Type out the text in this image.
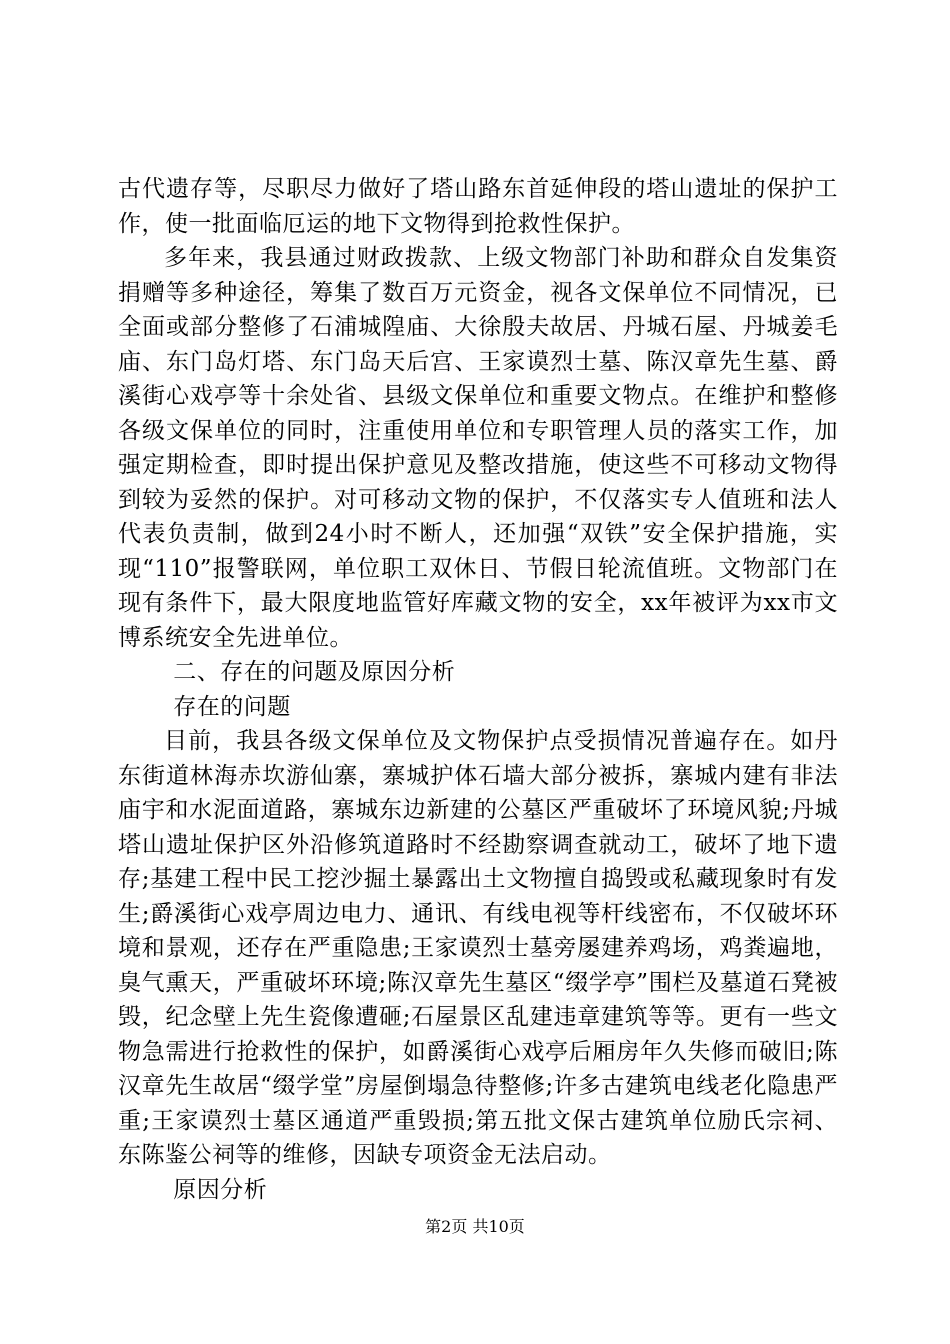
古代遗存等，尽职尽力做好了塔山路东首延伸段的塔山遗址的保护工作，使一批面临厄运的地下文物得到抢救性保护。

多年来，我县通过财政拨款、上级文物部门补助和群众自发集资捐赠等多种途径，筹集了数百万元资金，视各文保单位不同情况，已全面或部分整修了石浦城隍庙、大徐殷夫故居、丹城石屋、丹城姜毛庙、东门岛灯塔、东门岛天后宫、王家谟烈士墓、陈汉章先生墓、爵溪街心戏亭等十余处省、县级文保单位和重要文物点。在维护和整修各级文保单位的同时，注重使用单位和专职管理人员的落实工作，加强定期检查，即时提出保护意见及整改措施，使这些不可移动文物得到较为妥然的保护。对可移动文物的保护，不仅落实专人值班和法人代表负责制，做到24小时不断人，还加强“双铁”安全保护措施，实现“110”报警联网，单位职工双休日、节假日轮流值班。文物部门在现有条件下，最大限度地监管好库藏文物的安全，xx年被评为xx市文博系统安全先进单位。

二、存在的问题及原因分析

存在的问题

目前，我县各级文保单位及文物保护点受损情况普遍存在。如丹东街道林海赤坎游仙寨，寨城护体石墙大部分被拆，寨城内建有非法庙宇和水泥面道路，寨城东边新建的公墓区严重破坏了环境风貌;丹城塔山遗址保护区外沿修筑道路时不经勘察调查就动工，破坏了地下遗存;基建工程中民工挖沙掘土暴露出土文物擅自捣毁或私藏现象时有发生;爵溪街心戏亭周边电力、通讯、有线电视等杆线密布，不仅破坏环境和景观，还存在严重隐患;王家谟烈士墓旁屡建养鸡场，鸡粪遍地，臭气熏天，严重破坏环境;陈汉章先生墓区“缀学亭”围栏及墓道石凳被毁，纪念壁上先生瓷像遭砸;石屋景区乱建违章建筑等等。更有一些文物急需进行抢救性的保护，如爵溪街心戏亭后厢房年久失修而破旧;陈汉章先生故居“缀学堂”房屋倒塌急待整修;许多古建筑电线老化隐患严重;王家谟烈士墓区通道严重毁损;第五批文保古建筑单位励氏宗祠、东陈鉴公祠等的维修，因缺专项资金无法启动。

原因分析

第2页 共10页
